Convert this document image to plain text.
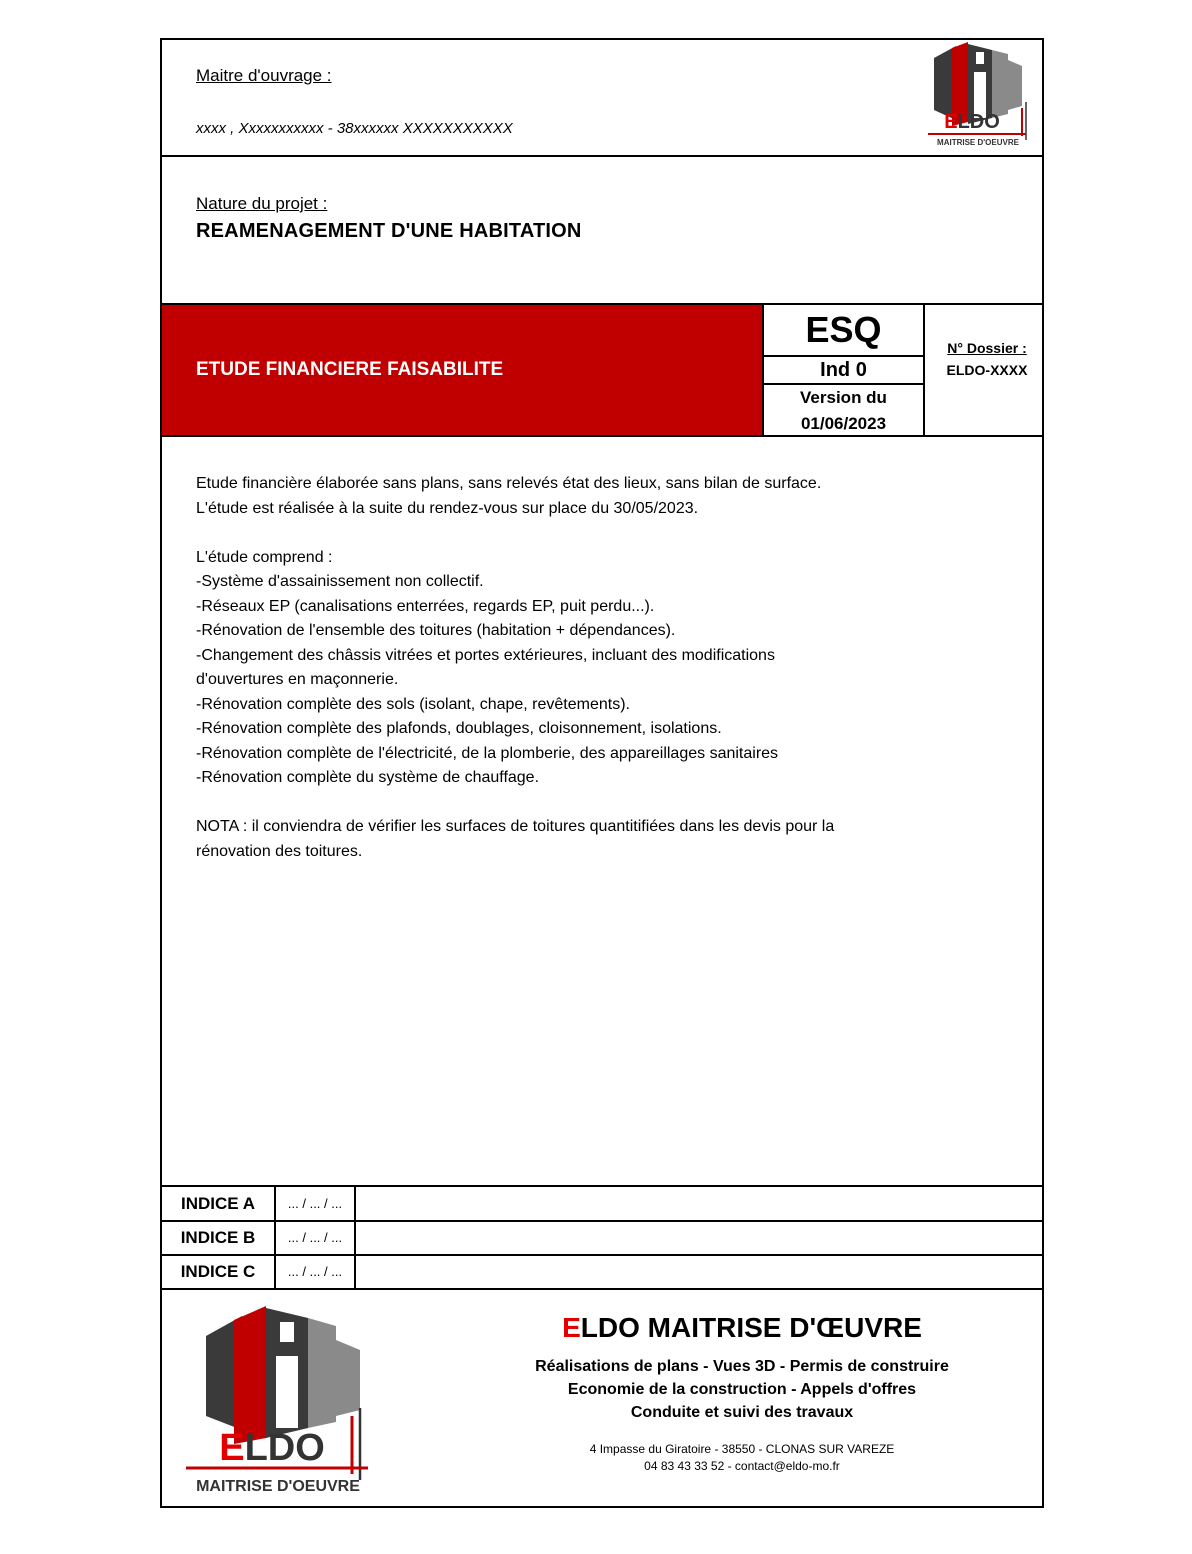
Maitre d'ouvrage :
xxxx , Xxxxxxxxxxx - 38xxxxxx XXXXXXXXXXX	ELDO
MAITRISE D'OEUVRE
Nature du projet :
REAMENAGEMENT D'UNE HABITATION
ETUDE FINANCIERE FAISABILITE
ESQ
Ind 0
Version du
01/06/2023
N° Dossier :
ELDO-XXXX

Etude financière élaborée sans plans, sans relevés état des lieux, sans bilan de surface.

L'étude est réalisée à la suite du rendez-vous sur place du 30/05/2023.

L'étude comprend :

-Système d'assainissement non collectif.

-Réseaux EP (canalisations enterrées, regards EP, puit perdu...).

-Rénovation de l'ensemble des toitures (habitation + dépendances).

-Changement des châssis vitrées et portes extérieures, incluant des modifications

d'ouvertures en maçonnerie.

-Rénovation complète des sols (isolant, chape, revêtements).

-Rénovation complète des plafonds, doublages, cloisonnement, isolations.

-Rénovation complète de l'électricité, de la plomberie, des appareillages sanitaires

-Rénovation complète du système de chauffage.

NOTA : il conviendra de vérifier les surfaces de toitures quantitifiées dans les devis pour la

rénovation des toitures.

INDICE A	... / ... / ...
INDICE B	... / ... / ...
INDICE C	... / ... / ...
ELDO
MAITRISE D'OEUVRE
ELDO MAITRISE D'ŒUVRE
Réalisations de plans - Vues 3D - Permis de construire
Economie de la construction - Appels d'offres
Conduite et suivi des travaux
4 Impasse du Giratoire - 38550 - CLONAS SUR VAREZE
04 83 43 33 52 - contact@eldo-mo.fr
